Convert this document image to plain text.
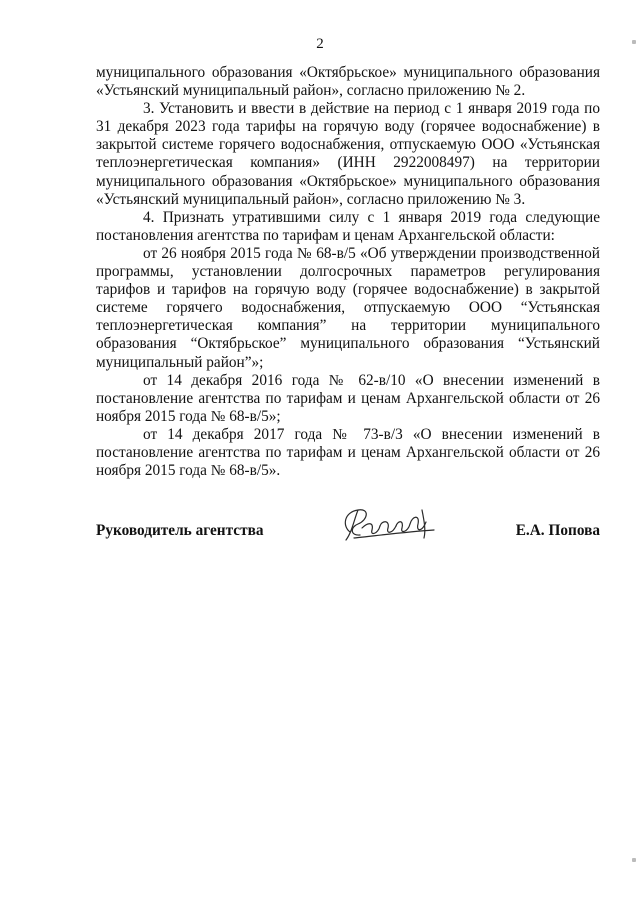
2

муниципального образования «Октябрьское» муниципального образования «Устьянский муниципальный район», согласно приложению № 2.

3. Установить и ввести в действие на период с 1 января 2019 года по 31 декабря 2023 года тарифы на горячую воду (горячее водоснабжение) в закрытой системе горячего водоснабжения, отпускаемую ООО «Устьянская теплоэнергетическая компания» (ИНН 2922008497) на территории муниципального образования «Октябрьское» муниципального образования «Устьянский муниципальный район», согласно приложению № 3.

4. Признать утратившими силу с 1 января 2019 года следующие постановления агентства по тарифам и ценам Архангельской области:

от 26 ноября 2015 года № 68-в/5 «Об утверждении производственной программы, установлении долгосрочных параметров регулирования тарифов и тарифов на горячую воду (горячее водоснабжение) в закрытой системе горячего водоснабжения, отпускаемую ООО “Устьянская теплоэнергетическая компания” на территории муниципального образования “Октябрьское” муниципального образования “Устьянский муниципальный район”»;

от 14 декабря 2016 года № 62-в/10 «О внесении изменений в постановление агентства по тарифам и ценам Архангельской области от 26 ноября 2015 года № 68-в/5»;

от 14 декабря 2017 года № 73-в/3 «О внесении изменений в постановление агентства по тарифам и ценам Архангельской области от 26 ноября 2015 года № 68-в/5».

Руководитель агентства	Е.А. Попова
